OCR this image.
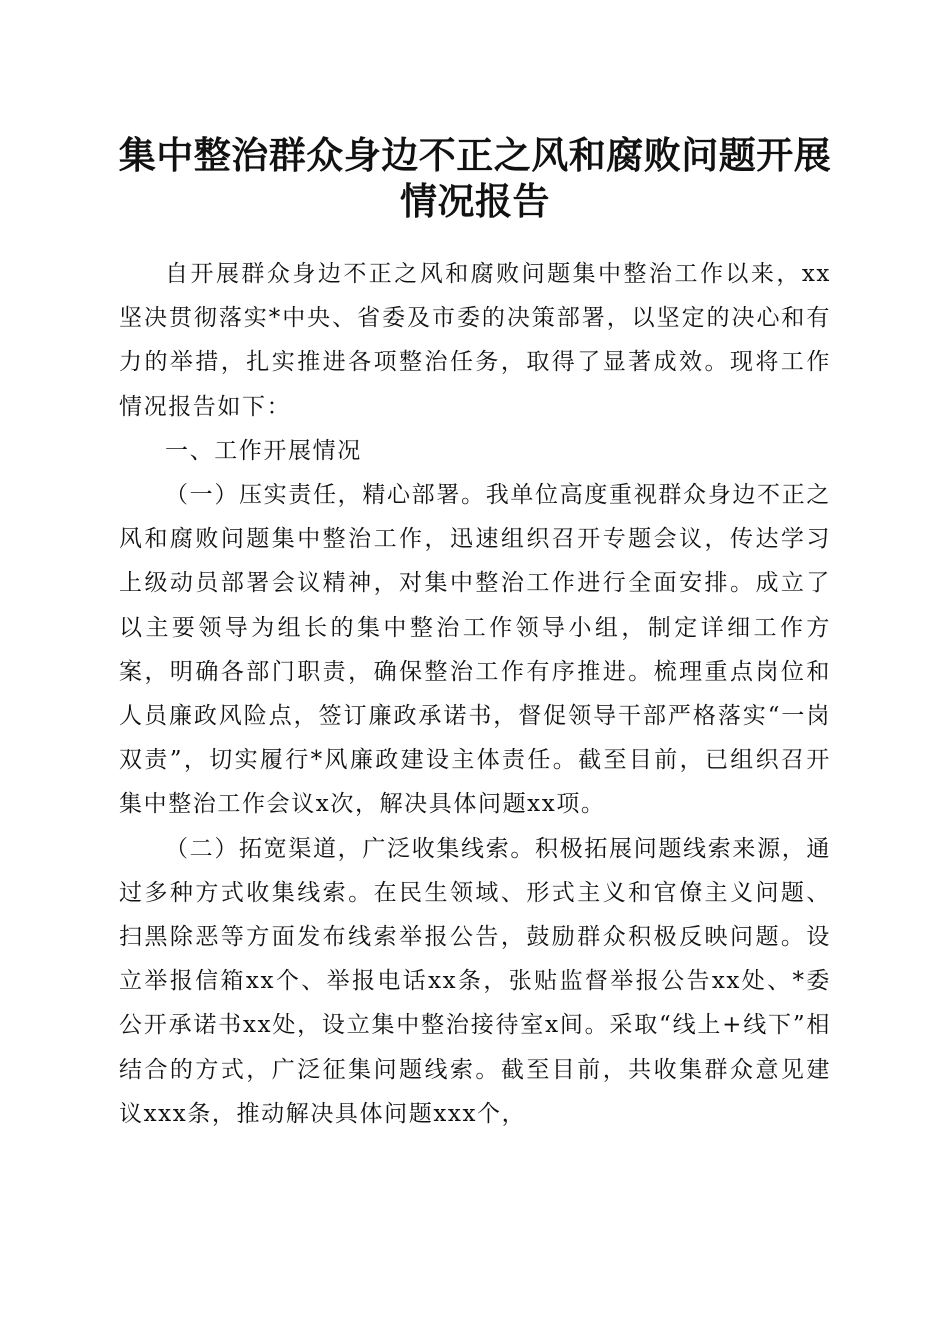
集中整治群众身边不正之风和腐败问题开展情况报告

自开展群众身边不正之风和腐败问题集中整治工作以来，xx坚决贯彻落实*中央、省委及市委的决策部署，以坚定的决心和有力的举措，扎实推进各项整治任务，取得了显著成效。现将工作情况报告如下：

一、工作开展情况

（一）压实责任，精心部署。我单位高度重视群众身边不正之风和腐败问题集中整治工作，迅速组织召开专题会议，传达学习上级动员部署会议精神，对集中整治工作进行全面安排。成立了以主要领导为组长的集中整治工作领导小组，制定详细工作方案，明确各部门职责，确保整治工作有序推进。梳理重点岗位和人员廉政风险点，签订廉政承诺书，督促领导干部严格落实“一岗双责”，切实履行*风廉政建设主体责任。截至目前，已组织召开集中整治工作会议x次，解决具体问题xx项。

（二）拓宽渠道，广泛收集线索。积极拓展问题线索来源，通过多种方式收集线索。在民生领域、形式主义和官僚主义问题、扫黑除恶等方面发布线索举报公告，鼓励群众积极反映问题。设立举报信箱xx个、举报电话xx条，张贴监督举报公告xx处、*委公开承诺书xx处，设立集中整治接待室x间。采取“线上+线下”相结合的方式，广泛征集问题线索。截至目前，共收集群众意见建议xxx条，推动解决具体问题xxx个，
